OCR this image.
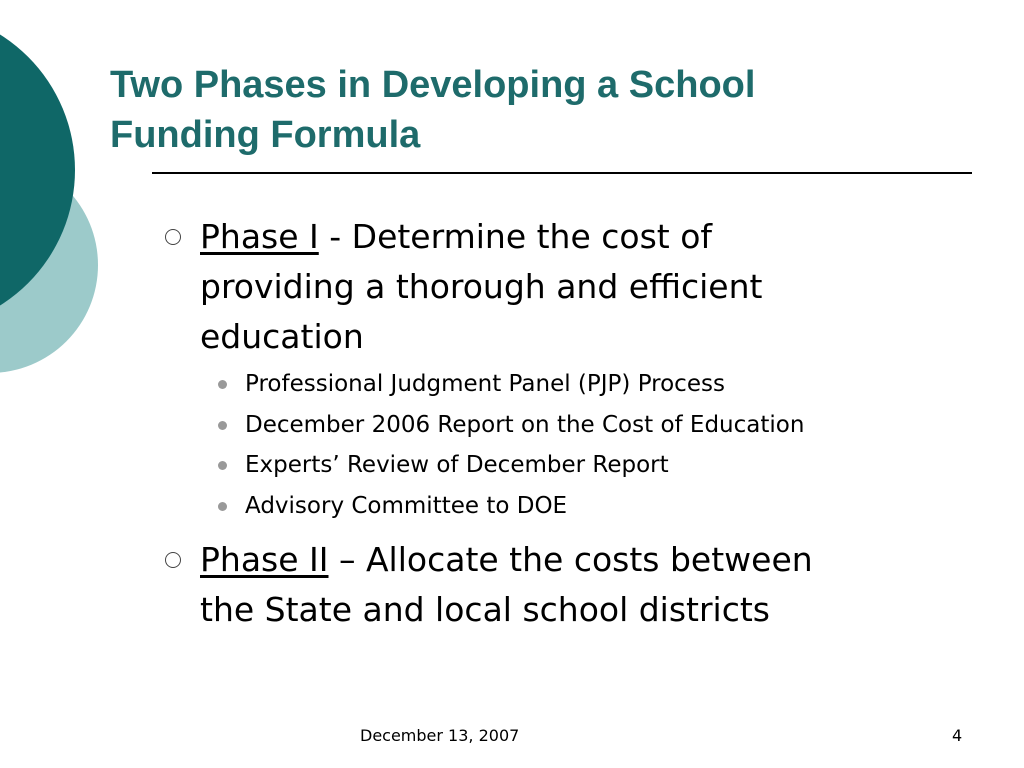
Two Phases in Developing a School
Funding Formula

Phase I - Determine the cost of
providing a thorough and efficient
education

Professional Judgment Panel (PJP) Process

December 2006 Report on the Cost of Education

Experts’ Review of December Report

Advisory Committee to DOE

Phase II – Allocate the costs between
the State and local school districts

December 13, 2007	4
